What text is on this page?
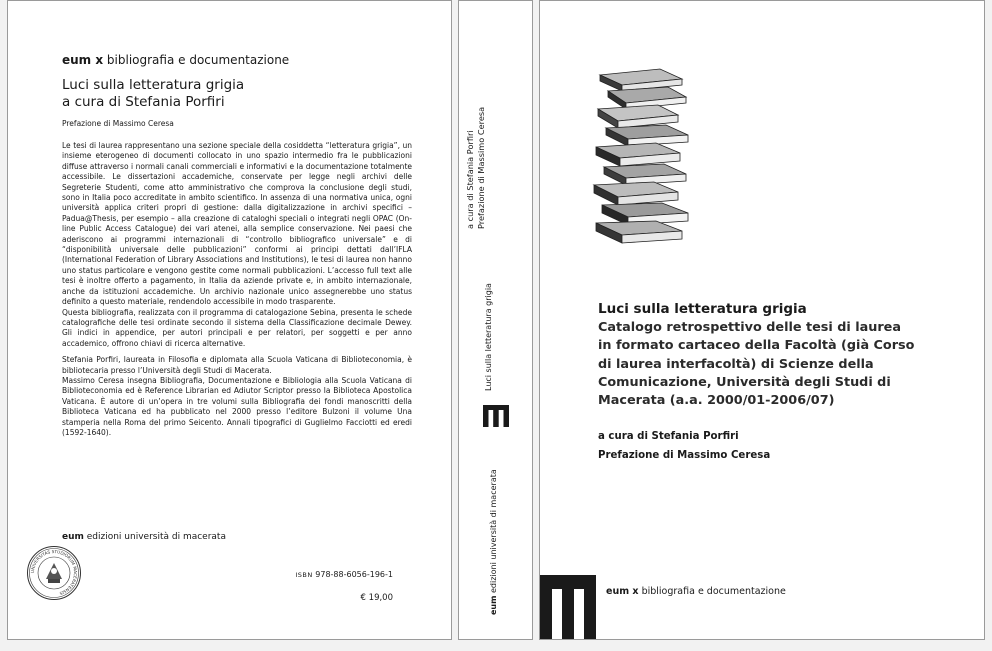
eum x bibliografia e documentazione
Luci sulla letteratura grigia
a cura di Stefania Porfiri
Prefazione di Massimo Ceresa

Le tesi di laurea rappresentano una sezione speciale della cosiddetta “letteratura grigia”, un insieme eterogeneo di documenti collocato in uno spazio intermedio fra le pubblicazioni diffuse attraverso i normali canali commerciali e informativi e la documentazione totalmente accessibile. Le dissertazioni accademiche, conservate per legge negli archivi delle Segreterie Studenti, come atto amministrativo che comprova la conclusione degli studi, sono in Italia poco accreditate in ambito scientifico. In assenza di una normativa unica, ogni università applica criteri propri di gestione: dalla digitalizzazione in archivi specifici – Padua@Thesis, per esempio – alla creazione di cataloghi speciali o integrati negli OPAC (On-line Public Access Catalogue) dei vari atenei, alla semplice conservazione. Nei paesi che aderiscono ai programmi internazionali di “controllo bibliografico universale” e di “disponibilità universale delle pubblicazioni” conformi ai principi dettati dall’IFLA (International Federation of Library Associations and Institutions), le tesi di laurea non hanno uno status particolare e vengono gestite come normali pubblicazioni. L’accesso full text alle tesi è inoltre offerto a pagamento, in Italia da aziende private e, in ambito internazionale, anche da istituzioni accademiche. Un archivio nazionale unico assegnerebbe uno status definito a questo materiale, rendendolo accessibile in modo trasparente.

Questa bibliografia, realizzata con il programma di catalogazione Sebina, presenta le schede catalografiche delle tesi ordinate secondo il sistema della Classificazione decimale Dewey. Gli indici in appendice, per autori principali e per relatori, per soggetti e per anno accademico, offrono chiavi di ricerca alternative.

Stefania Porfiri, laureata in Filosofia e diplomata alla Scuola Vaticana di Biblioteconomia, è bibliotecaria presso l’Università degli Studi di Macerata.

Massimo Ceresa insegna Bibliografia, Documentazione e Bibliologia alla Scuola Vaticana di Biblioteconomia ed è Reference Librarian ed Adiutor Scriptor presso la Biblioteca Apostolica Vaticana. È autore di un’opera in tre volumi sulla Bibliografia dei fondi manoscritti della Biblioteca Vaticana ed ha pubblicato nel 2000 presso l’editore Bulzoni il volume Una stamperia nella Roma del primo Seicento. Annali tipografici di Guglielmo Facciotti ed eredi (1592-1640).

eum edizioni università di macerata
UNIVERSITAS STUDIORUM MACERATENSIS
ISBN 978-88-6056-196-1
€ 19,00
a cura di Stefania Porfiri Prefazione di Massimo Ceresa
Luci sulla letteratura grigia
eum edizioni università di macerata
Luci sulla letteratura grigia
Catalogo retrospettivo delle tesi di laurea
in formato cartaceo della Facoltà (già Corso
di laurea interfacoltà) di Scienze della
Comunicazione, Università degli Studi di
Macerata (a.a. 2000/01-2006/07)
a cura di Stefania Porfiri
Prefazione di Massimo Ceresa
eum x bibliografia e documentazione
